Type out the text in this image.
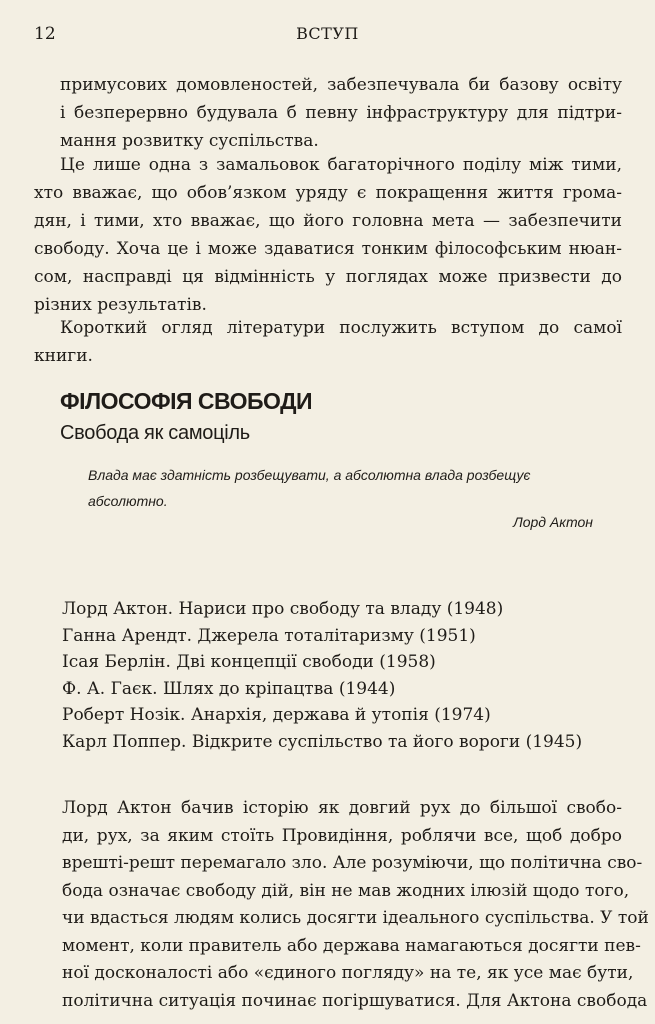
12	ВСТУП
примусових домовленостей, забезпечувала би базову освіту
і безперервно будувала б певну інфраструктуру для підтри-
мання розвитку суспільства.
Це лише одна з замальовок багаторічного поділу між тими,
хто вважає, що обов’язком уряду є покращення життя грома-
дян, і тими, хто вважає, що його головна мета — забезпечити
свободу. Хоча це і може здаватися тонким філософським нюан-
сом, насправді ця відмінність у поглядах може призвести до
різних результатів.
Короткий огляд літератури послужить вступом до самої
книги.
ФІЛОСОФІЯ СВОБОДИ
Свобода як самоціль
Влада має здатність розбещувати, а абсолютна влада розбещує
абсолютно.
Лорд Актон
Лорд Актон. Нариси про свободу та владу (1948)
Ганна Арендт. Джерела тоталітаризму (1951)
Ісая Берлін. Дві концепції свободи (1958)
Ф. А. Гаєк. Шлях до кріпацтва (1944)
Роберт Нозік. Анархія, держава й утопія (1974)
Карл Поппер. Відкрите суспільство та його вороги (1945)
Лорд Актон бачив історію як довгий рух до більшої свобо-
ди, рух, за яким стоїть Провидіння, роблячи все, щоб добро
врешті-решт перемагало зло. Але розуміючи, що політична сво-
бода означає свободу дій, він не мав жодних ілюзій щодо того,
чи вдасться людям колись досягти ідеального суспільства. У той
момент, коли правитель або держава намагаються досягти пев-
ної досконалості або «єдиного погляду» на те, як усе має бути,
політична ситуація починає погіршуватися. Для Актона свобода
